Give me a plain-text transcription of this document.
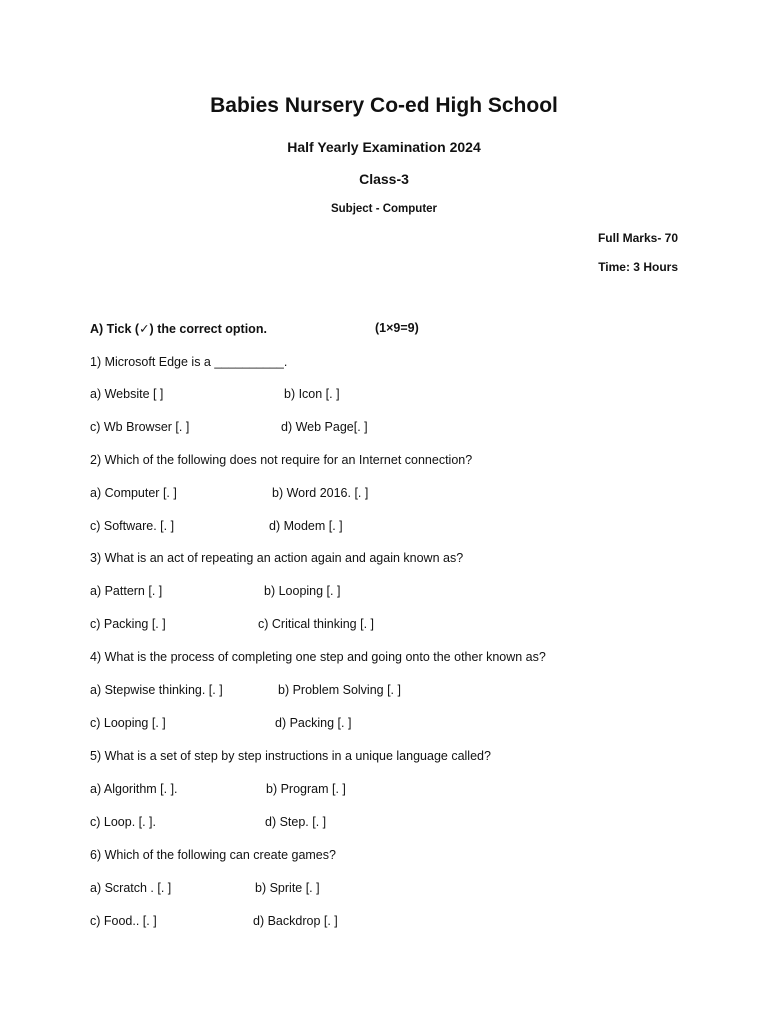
Babies Nursery Co-ed High School
Half Yearly Examination 2024
Class-3
Subject - Computer
Full Marks- 70
Time: 3 Hours
A) Tick (✓) the correct option.	(1×9=9)
1) Microsoft Edge is a __________.
a) Website [ ]	b) Icon [. ]
c) Wb Browser [. ]	d) Web Page[. ]
2) Which of the following does not require for an Internet connection?
a) Computer [. ]	b) Word 2016. [. ]
c) Software. [. ]	d) Modem [. ]
3) What is an act of repeating an action again and again known as?
a) Pattern [. ]	b) Looping [. ]
c) Packing [. ]	c) Critical thinking [. ]
4) What is the process of completing one step and going onto the other known as?
a) Stepwise thinking. [. ]	b) Problem Solving [. ]
c) Looping [. ]	d) Packing [. ]
5) What is a set of step by step instructions in a unique language called?
a) Algorithm [. ].	b) Program [. ]
c) Loop. [. ].	d) Step. [. ]
6) Which of the following can create games?
a) Scratch . [. ]	b) Sprite [. ]
c) Food.. [. ]	d) Backdrop [. ]
